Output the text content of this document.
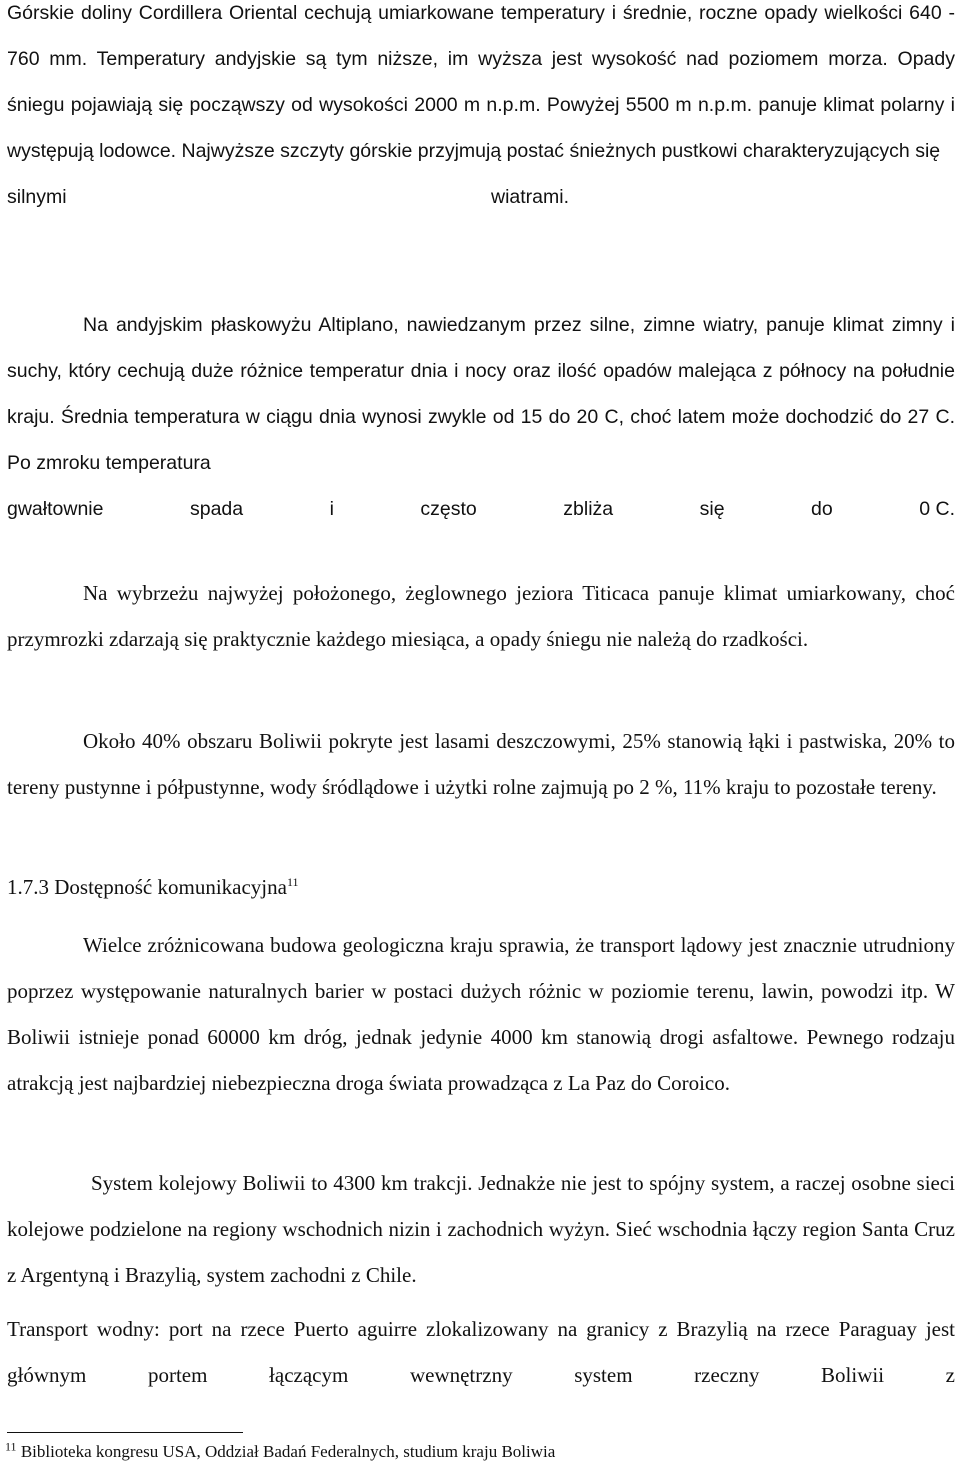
Górskie doliny Cordillera Oriental cechują umiarkowane temperatury i średnie, roczne opady wielkości 640 - 760 mm. Temperatury andyjskie są tym niższe, im wyższa jest wysokość nad poziomem morza. Opady śniegu pojawiają się począwszy od wysokości 2000 m n.p.m. Powyżej 5500 m n.p.m. panuje klimat polarny i występują lodowce. Najwyższe szczyty górskie przyjmują postać śnieżnych pustkowi charakteryzujących się

silnymi	wiatrami.

Na andyjskim płaskowyżu Altiplano, nawiedzanym przez silne, zimne wiatry, panuje klimat zimny i suchy, który cechują duże różnice temperatur dnia i nocy oraz ilość opadów malejąca z północy na południe kraju. Średnia temperatura w ciągu dnia wynosi zwykle od 15 do 20 C, choć latem może dochodzić do 27 C. Po zmroku temperatura

gwałtownie	spada	i	często	zbliża	się	do	0 C.

Na wybrzeżu najwyżej położonego, żeglownego jeziora Titicaca panuje klimat umiarkowany, choć przymrozki zdarzają się praktycznie każdego miesiąca, a opady śniegu nie należą do rzadkości.

Około 40% obszaru Boliwii pokryte jest lasami deszczowymi, 25% stanowią łąki i pastwiska, 20% to tereny pustynne i półpustynne, wody śródlądowe i użytki rolne zajmują po 2 %, 11% kraju to pozostałe tereny.

1.7.3 Dostępność komunikacyjna$^{11}$

Wielce zróżnicowana budowa geologiczna kraju sprawia, że transport lądowy jest znacznie utrudniony poprzez występowanie naturalnych barier w postaci dużych różnic w poziomie terenu, lawin, powodzi itp. W Boliwii istnieje ponad 60000 km dróg, jednak jedynie 4000 km stanowią drogi asfaltowe. Pewnego rodzaju atrakcją jest najbardziej niebezpieczna droga świata prowadząca z La Paz do Coroico.

System kolejowy Boliwii to 4300 km trakcji. Jednakże nie jest to spójny system, a raczej osobne sieci kolejowe podzielone na regiony wschodnich nizin i zachodnich wyżyn. Sieć wschodnia łączy region Santa Cruz z Argentyną i Brazylią, system zachodni z Chile.

Transport wodny: port na rzece Puerto aguirre zlokalizowany na granicy z Brazylią na rzece Paraguay jest głównym portem łączącym wewnętrzny system rzeczny Boliwii z

$^{11}$ Biblioteka kongresu USA, Oddział Badań Federalnych, studium kraju Boliwia
